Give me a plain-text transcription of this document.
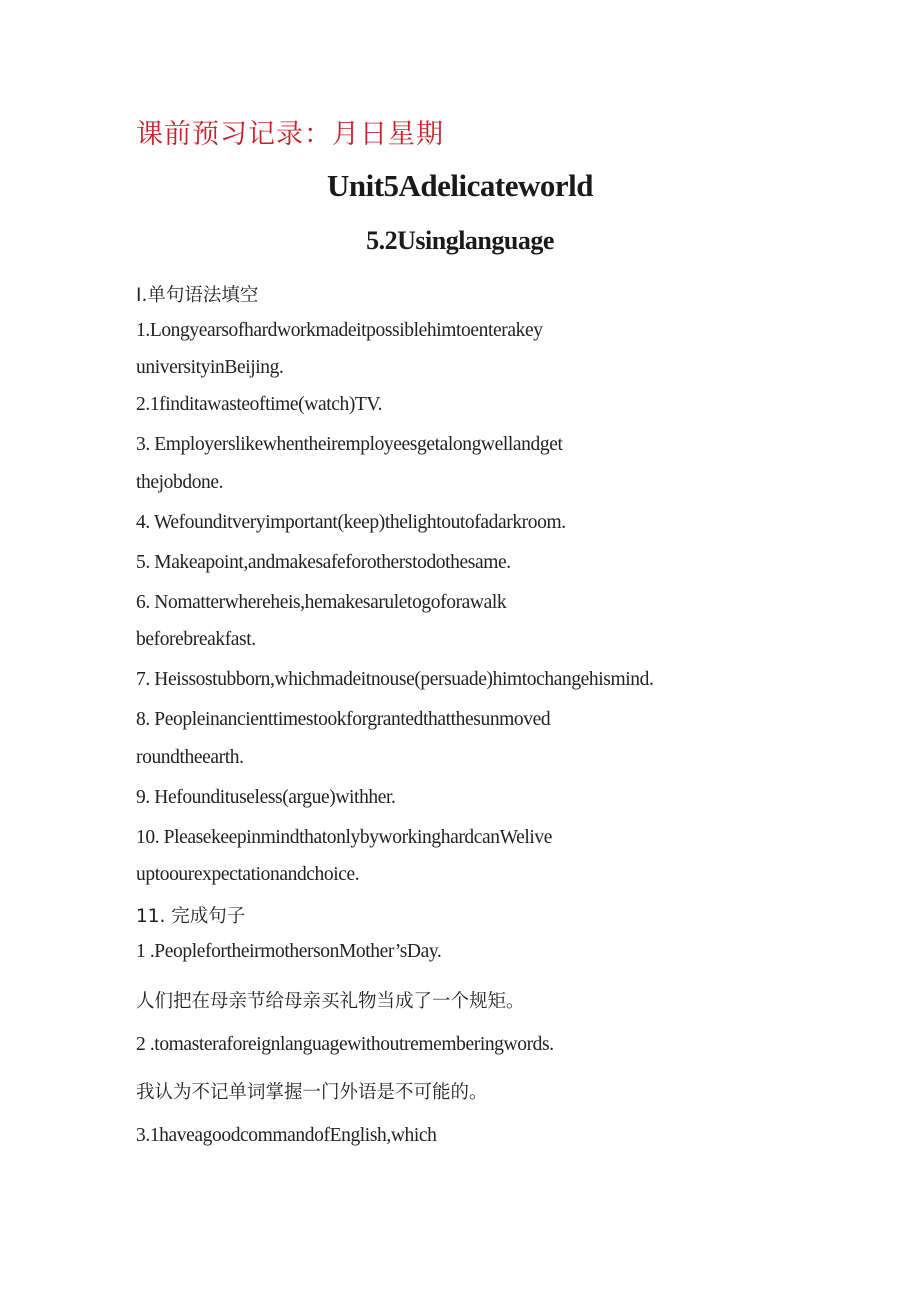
课前预习记录：月日星期
Unit5Adelicateworld
5.2Usinglanguage
I.单句语法填空
1.Longyearsofhardworkmadeitpossiblehimtoenterakey
universityinBeijing.
2.1finditawasteoftime(watch)TV.
3. Employerslikewhentheiremployeesgetalongwellandget
thejobdone.
4. Wefounditveryimportant(keep)thelightoutofadarkroom.
5. Makeapoint,andmakesafeforotherstodothesame.
6. Nomatterwhereheis,hemakesaruletogoforawalk
beforebreakfast.
7. Heissostubborn,whichmadeitnouse(persuade)himtochangehismind.
8. Peopleinancienttimestookforgrantedthatthesunmoved
roundtheearth.
9. Hefoundituseless(argue)withher.
10. PleasekeepinmindthatonlybyworkinghardcanWelive
uptoourexpectationandchoice.
11. 完成句子
1 .PeoplefortheirmothersonMother’sDay.
人们把在母亲节给母亲买礼物当成了一个规矩。
2 .tomasteraforeignlanguagewithoutrememberingwords.
我认为不记单词掌握一门外语是不可能的。
3.1haveagoodcommandofEnglish,which
